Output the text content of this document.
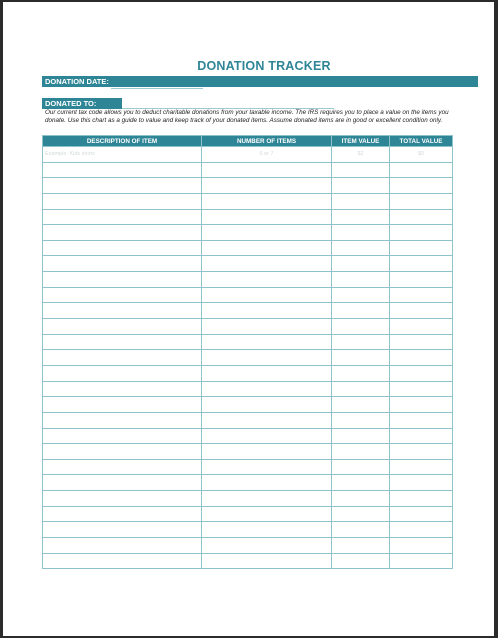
DONATION TRACKER
DONATION DATE:
DONATED TO:
Our current tax code allows you to deduct charitable donations from your taxable income. The IRS requires you to place a value on the items you donate. Use this chart as a guide to value and keep track of your donated items. Assume donated items are in good or excellent condition only.
DESCRIPTION OF ITEM	NUMBER OF ITEMS	ITEM VALUE	TOTAL VALUE
Example: Kids shirts	6 or 7	$2	$0
